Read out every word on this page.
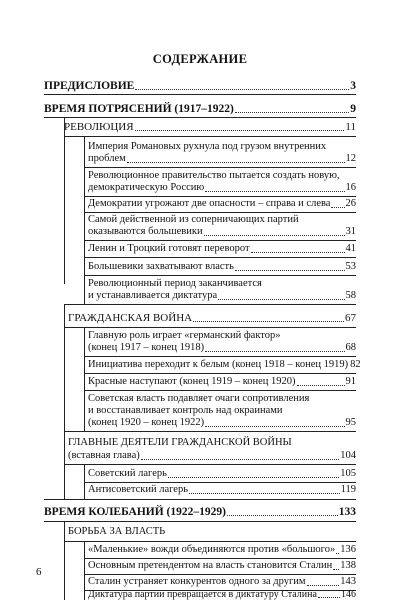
СОДЕРЖАНИЕ
ПРЕДИСЛОВИЕ	3
ВРЕМЯ ПОТРЯСЕНИЙ (1917–1922)	9
РЕВОЛЮЦИЯ	11
Империя Романовых рухнула под грузом внутренних
проблем	12
Революционное правительство пытается создать новую,
демократическую Россию	16
Демократии угрожают две опасности – справа и слева 26
Самой действенной из соперничающих партий
оказываются большевики	31
Ленин и Троцкий готовят переворот	41
Большевики захватывают власть	53
Революционный период заканчивается
и устанавливается диктатура	58
ГРАЖДАНСКАЯ ВОЙНА	67
Главную роль играет «германский фактор»
(конец 1917 – конец 1918)	68
Инициатива переходит к белым (конец 1918 – конец 1919) 82
Красные наступают (конец 1919 – конец 1920)	91
Советская власть подавляет очаги сопротивления
и восстанавливает контроль над окраинами
(конец 1920 – конец 1922)	95
ГЛАВНЫЕ ДЕЯТЕЛИ ГРАЖДАНСКОЙ ВОЙНЫ
(вставная глава)	104
Советский лагерь	105
Антисоветский лагерь	119
ВРЕМЯ КОЛЕБАНИЙ (1922–1929)	133
БОРЬБА ЗА ВЛАСТЬ
«Маленькие» вожди объединяются против «большого» 136
Основным претендентом на власть становится Сталин 138
Сталин устраняет конкурентов одного за другим	143
6
Диктатура партии превращается в диктатуру Сталина 146
